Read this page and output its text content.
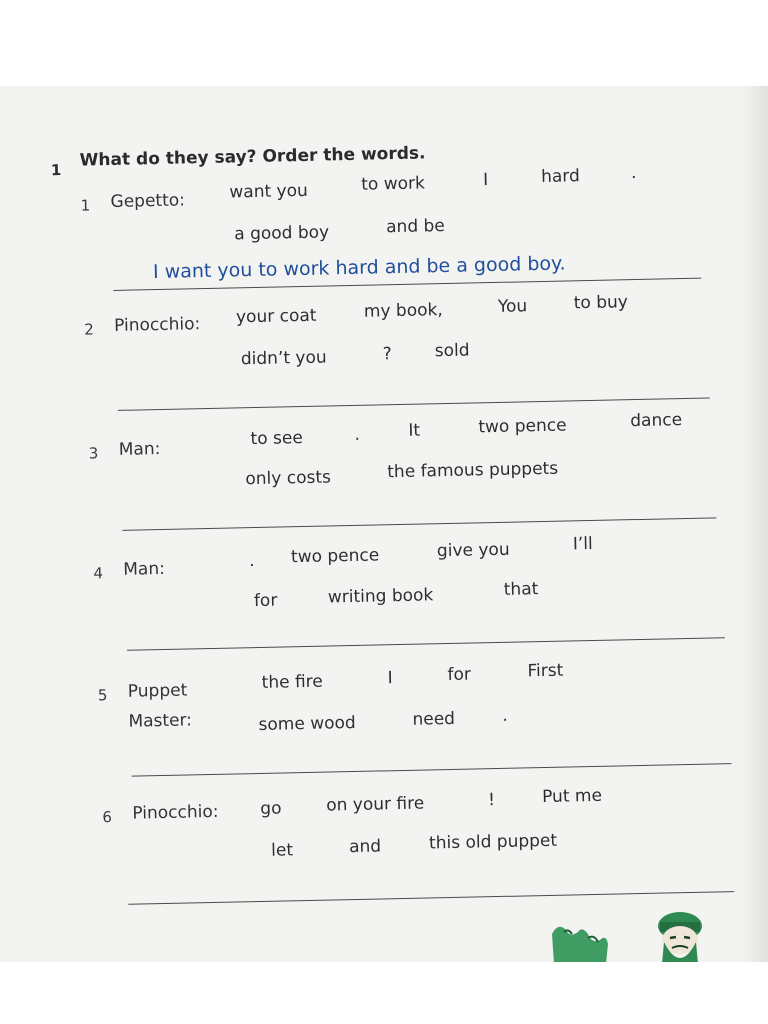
1 What do they say? Order the words.
1 Gepetto:	want you	to work	I	hard	.
a good boy	and be
I want you to work hard and be a good boy.
2 Pinocchio: your coat	my book,	You	to buy
didn’t you	? sold
3 Man:
to see	.	It	two pence	dance
only costs	the famous puppets
4 Man:	. two pence	give you	I’ll
for	writing book	that
5 Puppet
Master:
the fire	I	for	First
some wood	need	.
6 Pinocchio: go	on your fire	!	Put me
let	and	this old puppet
